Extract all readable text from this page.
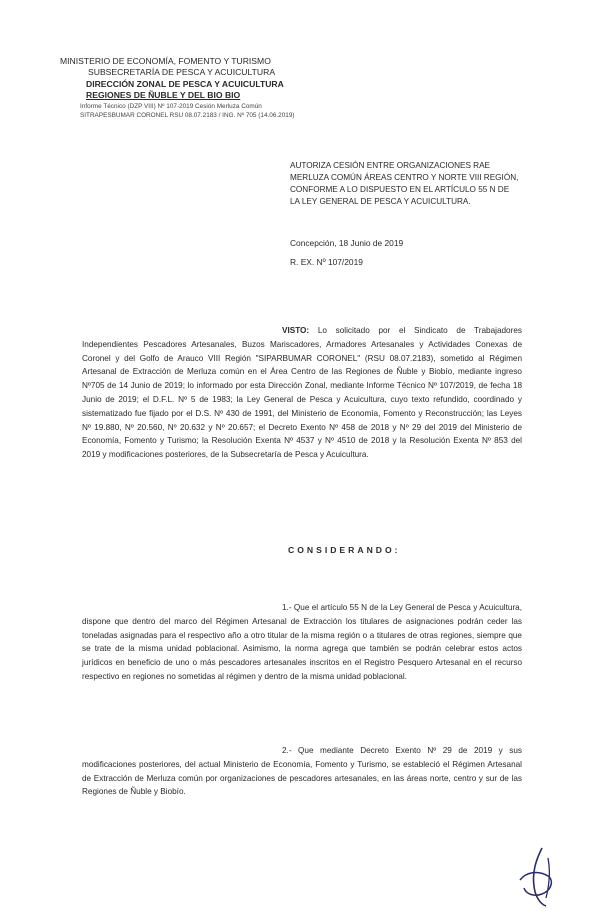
MINISTERIO DE ECONOMÍA, FOMENTO Y TURISMO
SUBSECRETARÍA DE PESCA Y ACUICULTURA
DIRECCIÓN ZONAL DE PESCA Y ACUICULTURA
REGIONES DE ÑUBLE Y DEL BIO BIO
Informe Técnico (DZP VIII) Nº 107-2019 Cesión Merluza Común
SITRAPESBUMAR CORONEL RSU 08.07.2183 / ING. Nº 705 (14.06.2019)
AUTORIZA CESIÓN ENTRE ORGANIZACIONES RAE MERLUZA COMÚN ÁREAS CENTRO Y NORTE VIII REGIÓN, CONFORME A LO DISPUESTO EN EL ARTÍCULO 55 N DE LA LEY GENERAL DE PESCA Y ACUICULTURA.
Concepción, 18 Junio de 2019
R. EX. Nº 107/2019
VISTO: Lo solicitado por el Sindicato de Trabajadores Independientes Pescadores Artesanales, Buzos Mariscadores, Armadores Artesanales y Actividades Conexas de Coronel y del Golfo de Arauco VIII Región "SIPARBUMAR CORONEL" (RSU 08.07.2183), sometido al Régimen Artesanal de Extracción de Merluza común en el Área Centro de las Regiones de Ñuble y Biobío, mediante ingreso Nº705 de 14 Junio de 2019; lo informado por esta Dirección Zonal, mediante Informe Técnico Nº 107/2019, de fecha 18 Junio de 2019; el D.F.L. Nº 5 de 1983; la Ley General de Pesca y Acuicultura, cuyo texto refundido, coordinado y sistematizado fue fijado por el D.S. Nº 430 de 1991, del Ministerio de Economía, Fomento y Reconstrucción; las Leyes Nº 19.880, Nº 20.560, Nº 20.632 y Nº 20.657; el Decreto Exento Nº 458 de 2018 y Nº 29 del 2019 del Ministerio de Economía, Fomento y Turismo; la Resolución Exenta Nº 4537 y Nº 4510 de 2018 y la Resolución Exenta Nº 853 del 2019 y modificaciones posteriores, de la Subsecretaría de Pesca y Acuicultura.
CONSIDERANDO:
1.- Que el artículo 55 N de la Ley General de Pesca y Acuicultura, dispone que dentro del marco del Régimen Artesanal de Extracción los titulares de asignaciones podrán ceder las toneladas asignadas para el respectivo año a otro titular de la misma región o a titulares de otras regiones, siempre que se trate de la misma unidad poblacional. Asimismo, la norma agrega que también se podrán celebrar estos actos jurídicos en beneficio de uno o más pescadores artesanales inscritos en el Registro Pesquero Artesanal en el recurso respectivo en regiones no sometidas al régimen y dentro de la misma unidad poblacional.
2.- Que mediante Decreto Exento Nº 29 de 2019 y sus modificaciones posteriores, del actual Ministerio de Economía, Fomento y Turismo, se estableció el Régimen Artesanal de Extracción de Merluza común por organizaciones de pescadores artesanales, en las áreas norte, centro y sur de las Regiones de Ñuble y Biobío.
